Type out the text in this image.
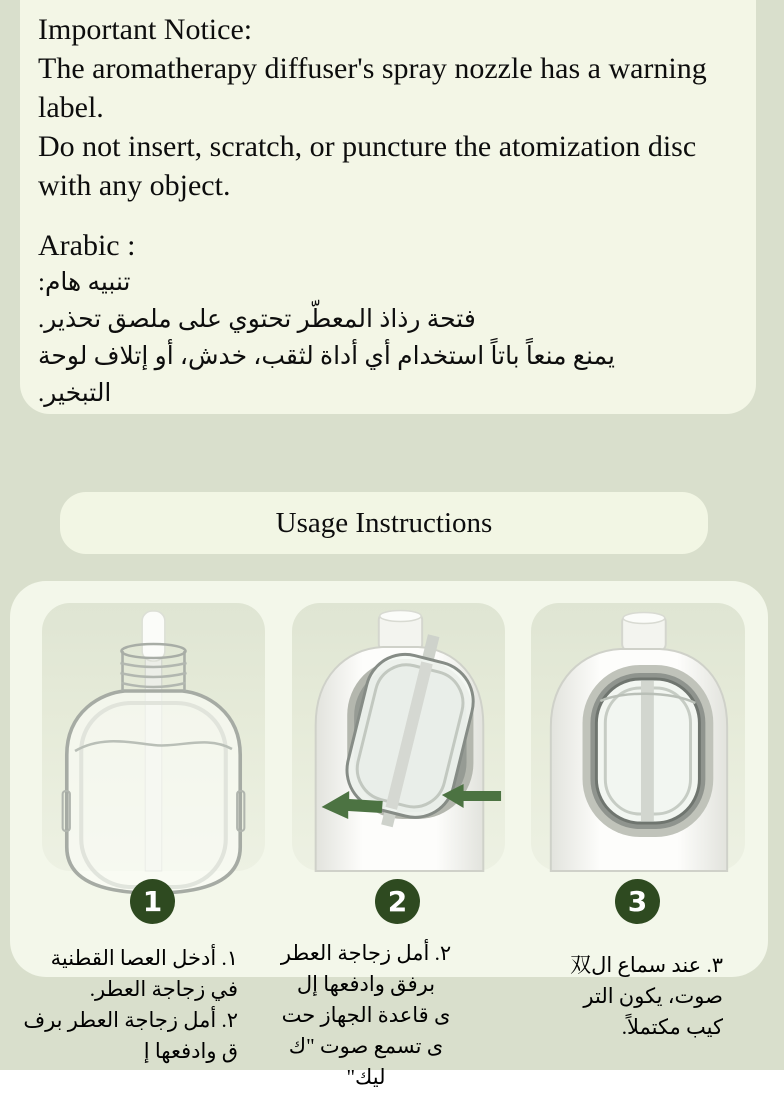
Important Notice:
The aromatherapy diffuser's spray nozzle has a warning
label.
Do not insert, scratch, or puncture the atomization disc
with any object.
Arabic :
تنبيه هام:
فتحة رذاذ المعطّر تحتوي على ملصق تحذير.
يمنع منعاً باتاً استخدام أي أداة لثقب، خدش، أو إتلاف لوحة
التبخير.
Usage Instructions
1	2	3
١. أدخل العصا القطنية
في زجاجة العطر.
٢. أمل زجاجة العطر برف
ق وادفعها إ
٢. أمل زجاجة العطر
برفق وادفعها إل
ى قاعدة الجهاز حت
ى تسمع صوت "ك
ليك"
٣. عند سماع ال双
صوت، يكون التر
كيب مكتملاً.
